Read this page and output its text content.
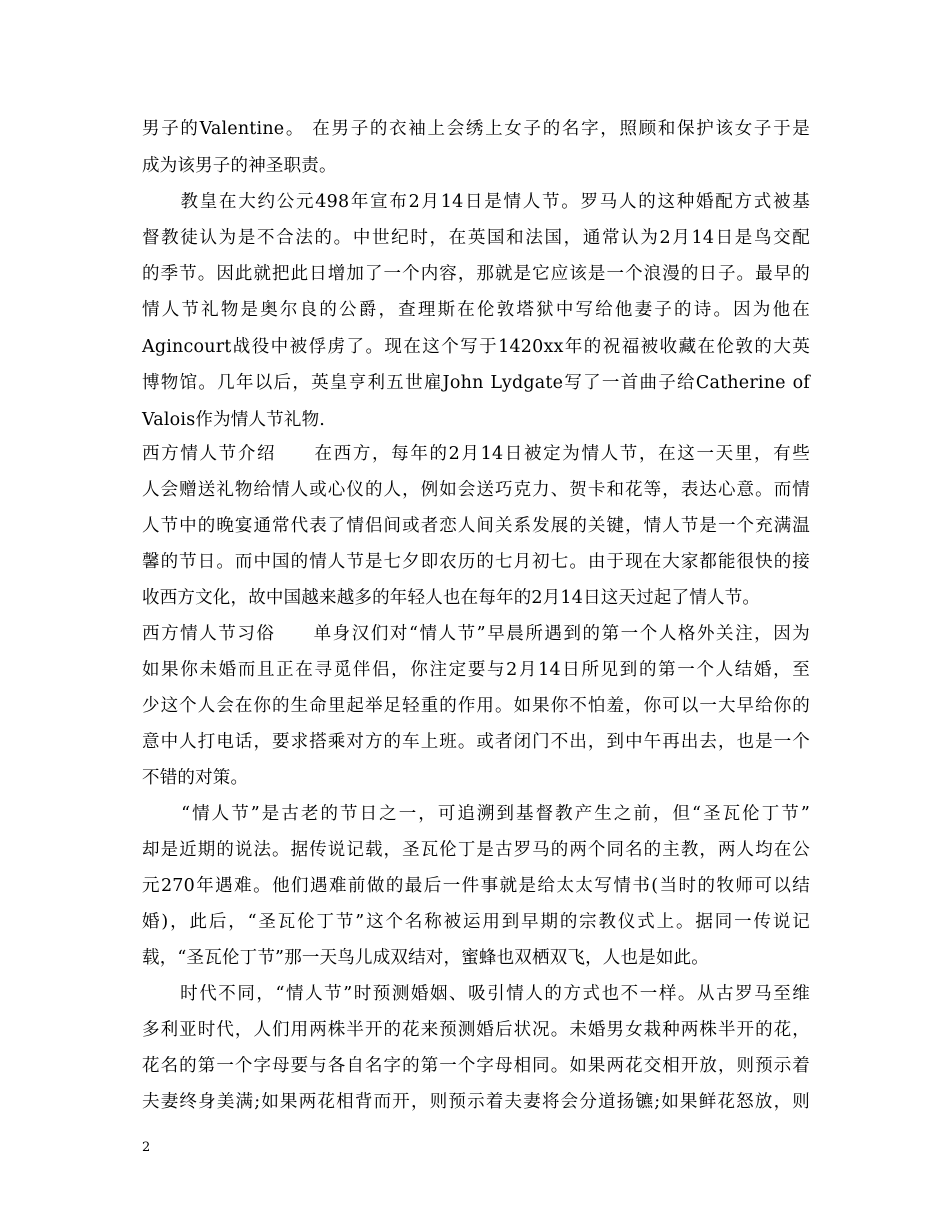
男子的Valentine。 在男子的衣袖上会绣上女子的名字，照顾和保护该女子于是
成为该男子的神圣职责。
　　教皇在大约公元498年宣布2月14日是情人节。罗马人的这种婚配方式被基
督教徒认为是不合法的。中世纪时，在英国和法国，通常认为2月14日是鸟交配
的季节。因此就把此日增加了一个内容，那就是它应该是一个浪漫的日子。最早的
情人节礼物是奥尔良的公爵，查理斯在伦敦塔狱中写给他妻子的诗。因为他在
Agincourt战役中被俘虏了。现在这个写于1420xx年的祝福被收藏在伦敦的大英
博物馆。几年以后，英皇亨利五世雇John Lydgate写了一首曲子给Catherine of
Valois作为情人节礼物.
西方情人节介绍　　在西方，每年的2月14日被定为情人节，在这一天里，有些
人会赠送礼物给情人或心仪的人，例如会送巧克力、贺卡和花等，表达心意。而情
人节中的晚宴通常代表了情侣间或者恋人间关系发展的关键，情人节是一个充满温
馨的节日。而中国的情人节是七夕即农历的七月初七。由于现在大家都能很快的接
收西方文化，故中国越来越多的年轻人也在每年的2月14日这天过起了情人节。
西方情人节习俗　　单身汉们对“情人节”早晨所遇到的第一个人格外关注，因为
如果你未婚而且正在寻觅伴侣，你注定要与2月14日所见到的第一个人结婚，至
少这个人会在你的生命里起举足轻重的作用。如果你不怕羞，你可以一大早给你的
意中人打电话，要求搭乘对方的车上班。或者闭门不出，到中午再出去，也是一个
不错的对策。
　　“情人节”是古老的节日之一，可追溯到基督教产生之前，但“圣瓦伦丁节”
却是近期的说法。据传说记载，圣瓦伦丁是古罗马的两个同名的主教，两人均在公
元270年遇难。他们遇难前做的最后一件事就是给太太写情书(当时的牧师可以结
婚)，此后，“圣瓦伦丁节”这个名称被运用到早期的宗教仪式上。据同一传说记
载，“圣瓦伦丁节”那一天鸟儿成双结对，蜜蜂也双栖双飞，人也是如此。
　　时代不同，“情人节”时预测婚姻、吸引情人的方式也不一样。从古罗马至维
多利亚时代，人们用两株半开的花来预测婚后状况。未婚男女栽种两株半开的花，
花名的第一个字母要与各自名字的第一个字母相同。如果两花交相开放，则预示着
夫妻终身美满;如果两花相背而开，则预示着夫妻将会分道扬镳;如果鲜花怒放，则
2
